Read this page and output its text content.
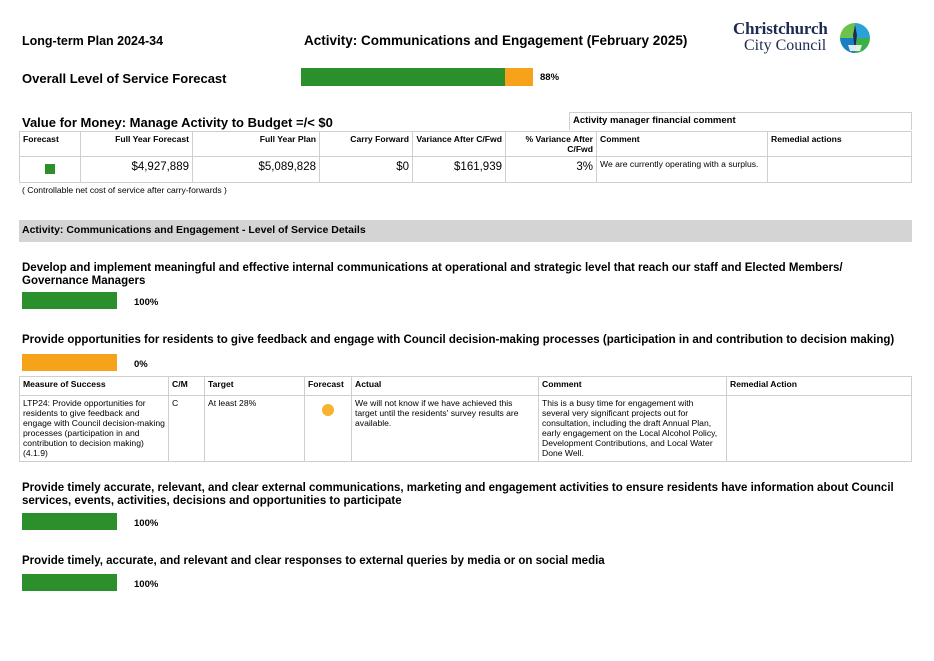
Long-term Plan 2024-34	Activity: Communications and Engagement (February 2025)
Christchurch
City Council
Overall Level of Service Forecast	88%
Value for Money: Manage Activity to Budget =/< $0	Activity manager financial comment
Forecast	Full Year Forecast	Full Year Plan	Carry Forward	Variance After C/Fwd	% Variance After C/Fwd	Comment	Remedial actions
	$4,927,889	$5,089,828	$0	$161,939	3%	We are currently operating with a surplus.	
( Controllable net cost of service after carry-forwards )
Activity: Communications and Engagement - Level of Service Details
Develop and implement meaningful and effective internal communications at operational and strategic level that reach our staff and Elected Members/ Governance Managers
100%
Provide opportunities for residents to give feedback and engage with Council decision-making processes (participation in and contribution to decision making)
0%
Measure of Success	C/M	Target	Forecast	Actual	Comment	Remedial Action
LTP24: Provide opportunities for residents to give feedback and engage with Council decision-making processes (participation in and contribution to decision making) (4.1.9)	C	At least 28%		We will not know if we have achieved this target until the residents' survey results are available.	This is a busy time for engagement with several very significant projects out for consultation, including the draft Annual Plan, early engagement on the Local Alcohol Policy, Development Contributions, and Local Water Done Well.	
Provide timely accurate, relevant, and clear external communications, marketing and engagement activities to ensure residents have information about Council services, events, activities, decisions and opportunities to participate
100%
Provide timely, accurate, and relevant and clear responses to external queries by media or on social media
100%
